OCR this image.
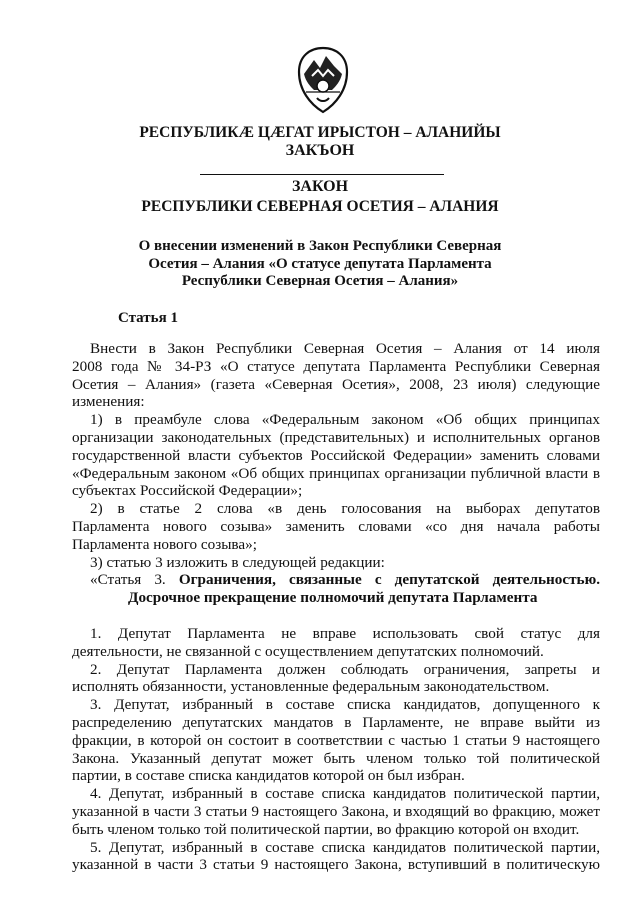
РЕСПУБЛИКÆ ЦÆГАТ ИРЫСТОН – АЛАНИЙЫ
ЗАКЪОН
ЗАКОН
РЕСПУБЛИКИ СЕВЕРНАЯ ОСЕТИЯ – АЛАНИЯ
О внесении изменений в Закон Республики Северная
Осетия – Алания «О статусе депутата Парламента
Республики Северная Осетия – Алания»
Статья 1
Внести в Закон Республики Северная Осетия – Алания от 14 июля
2008 года № 34-РЗ «О статусе депутата Парламента Республики Северная
Осетия – Алания» (газета «Северная Осетия», 2008, 23 июля) следующие
изменения:
1) в преамбуле слова «Федеральным законом «Об общих принципах
организации законодательных (представительных) и исполнительных органов
государственной власти субъектов Российской Федерации» заменить словами
«Федеральным законом «Об общих принципах организации публичной власти в
субъектах Российской Федерации»;
2) в статье 2 слова «в день голосования на выборах депутатов
Парламента нового созыва» заменить словами «со дня начала работы
Парламента нового созыва»;
3) статью 3 изложить в следующей редакции:
«Статья 3. Ограничения, связанные с депутатской деятельностью.
Досрочное прекращение полномочий депутата Парламента
1. Депутат Парламента не вправе использовать свой статус для
деятельности, не связанной с осуществлением депутатских полномочий.
2. Депутат Парламента должен соблюдать ограничения, запреты и
исполнять обязанности, установленные федеральным законодательством.
3. Депутат, избранный в составе списка кандидатов, допущенного к
распределению депутатских мандатов в Парламенте, не вправе выйти из
фракции, в которой он состоит в соответствии с частью 1 статьи 9 настоящего
Закона. Указанный депутат может быть членом только той политической
партии, в составе списка кандидатов которой он был избран.
4. Депутат, избранный в составе списка кандидатов политической партии,
указанной в части 3 статьи 9 настоящего Закона, и входящий во фракцию, может
быть членом только той политической партии, во фракцию которой он входит.
5. Депутат, избранный в составе списка кандидатов политической партии,
указанной в части 3 статьи 9 настоящего Закона, вступивший в политическую
